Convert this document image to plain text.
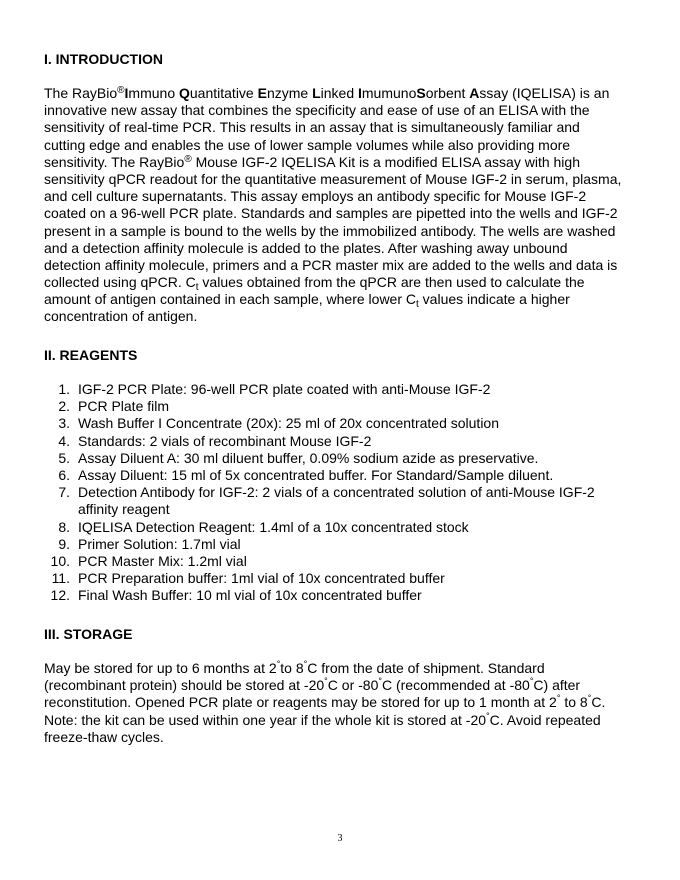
I. INTRODUCTION
The RayBio®Immuno Quantitative Enzyme Linked ImumunoSorbent Assay (IQELISA) is an
innovative new assay that combines the specificity and ease of use of an ELISA with the
sensitivity of real-time PCR. This results in an assay that is simultaneously familiar and
cutting edge and enables the use of lower sample volumes while also providing more
sensitivity. The RayBio® Mouse IGF-2 IQELISA Kit is a modified ELISA assay with high
sensitivity qPCR readout for the quantitative measurement of Mouse IGF-2 in serum, plasma,
and cell culture supernatants. This assay employs an antibody specific for Mouse IGF-2
coated on a 96-well PCR plate. Standards and samples are pipetted into the wells and IGF-2
present in a sample is bound to the wells by the immobilized antibody. The wells are washed
and a detection affinity molecule is added to the plates. After washing away unbound
detection affinity molecule, primers and a PCR master mix are added to the wells and data is
collected using qPCR. $C_t$ values obtained from the qPCR are then used to calculate the
amount of antigen contained in each sample, where lower $C_t$ values indicate a higher
concentration of antigen.
II. REAGENTS
1. IGF-2 PCR Plate: 96-well PCR plate coated with anti-Mouse IGF-2
2. PCR Plate film
3. Wash Buffer I Concentrate (20x): 25 ml of 20x concentrated solution
4. Standards: 2 vials of recombinant Mouse IGF-2
5. Assay Diluent A: 30 ml diluent buffer, 0.09% sodium azide as preservative.
6. Assay Diluent: 15 ml of 5x concentrated buffer. For Standard/Sample diluent.
7. Detection Antibody for IGF-2: 2 vials of a concentrated solution of anti-Mouse IGF-2
affinity reagent
8. IQELISA Detection Reagent: 1.4ml of a 10x concentrated stock
9. Primer Solution: 1.7ml vial
10. PCR Master Mix: 1.2ml vial
11. PCR Preparation buffer: 1ml vial of 10x concentrated buffer
12. Final Wash Buffer: 10 ml vial of 10x concentrated buffer
III. STORAGE
May be stored for up to 6 months at 2°to 8°C from the date of shipment. Standard
(recombinant protein) should be stored at -20°C or -80°C (recommended at -80°C) after
reconstitution. Opened PCR plate or reagents may be stored for up to 1 month at 2° to 8°C.
Note: the kit can be used within one year if the whole kit is stored at -20°C. Avoid repeated
freeze-thaw cycles.
3
